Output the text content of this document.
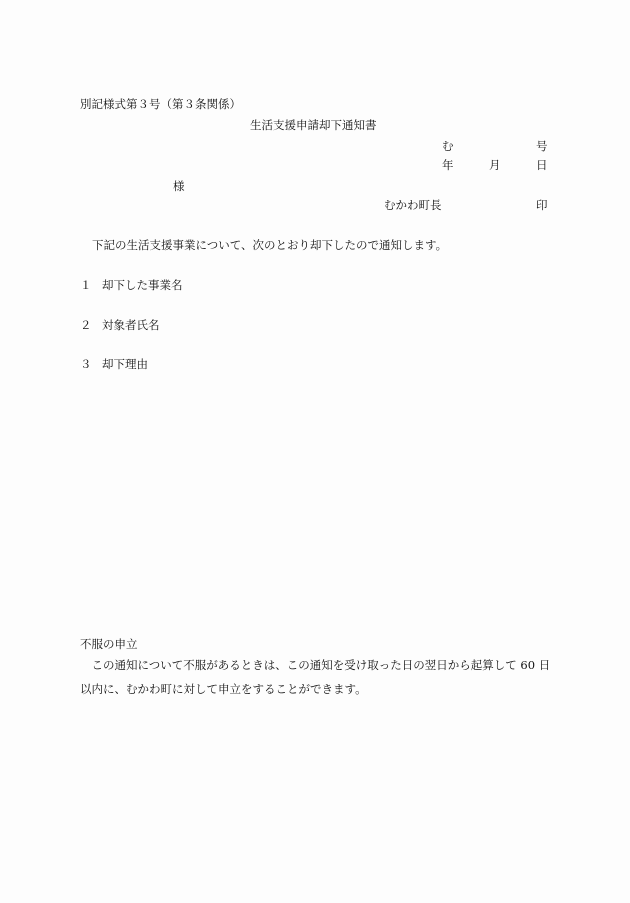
別記様式第３号（第３条関係）
生活支援申請却下通知書
む	号
年	月	日
様
むかわ町長	印
下記の生活支援事業について、次のとおり却下したので通知します。
１ 却下した事業名
２ 対象者氏名
３ 却下理由
不服の申立
この通知について不服があるときは、この通知を受け取った日の翌日から起算して 60 日以内に、むかわ町に対して申立をすることができます。
